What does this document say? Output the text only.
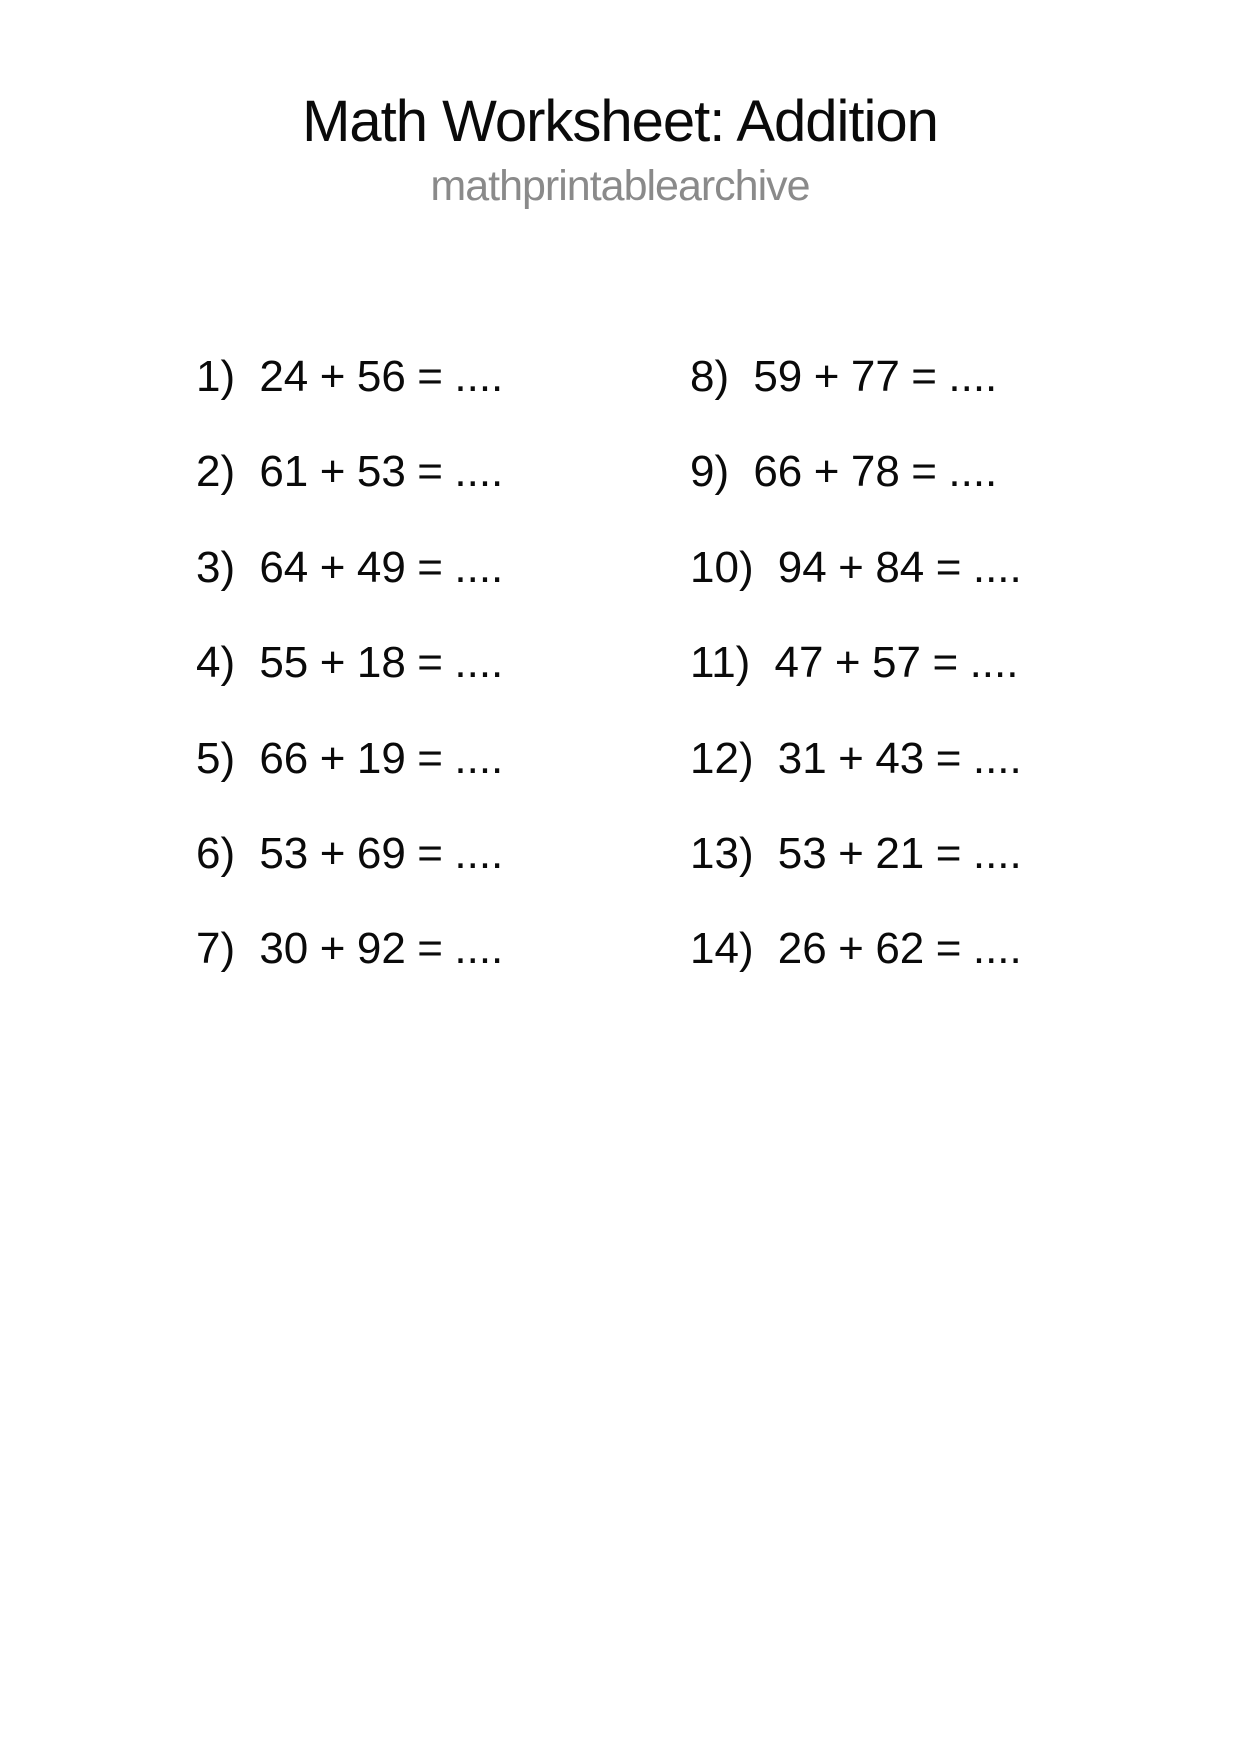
Math Worksheet: Addition
mathprintablearchive
1) 24 + 56 = ....
2) 61 + 53 = ....
3) 64 + 49 = ....
4) 55 + 18 = ....
5) 66 + 19 = ....
6) 53 + 69 = ....
7) 30 + 92 = ....
8) 59 + 77 = ....
9) 66 + 78 = ....
10) 94 + 84 = ....
11) 47 + 57 = ....
12) 31 + 43 = ....
13) 53 + 21 = ....
14) 26 + 62 = ....
